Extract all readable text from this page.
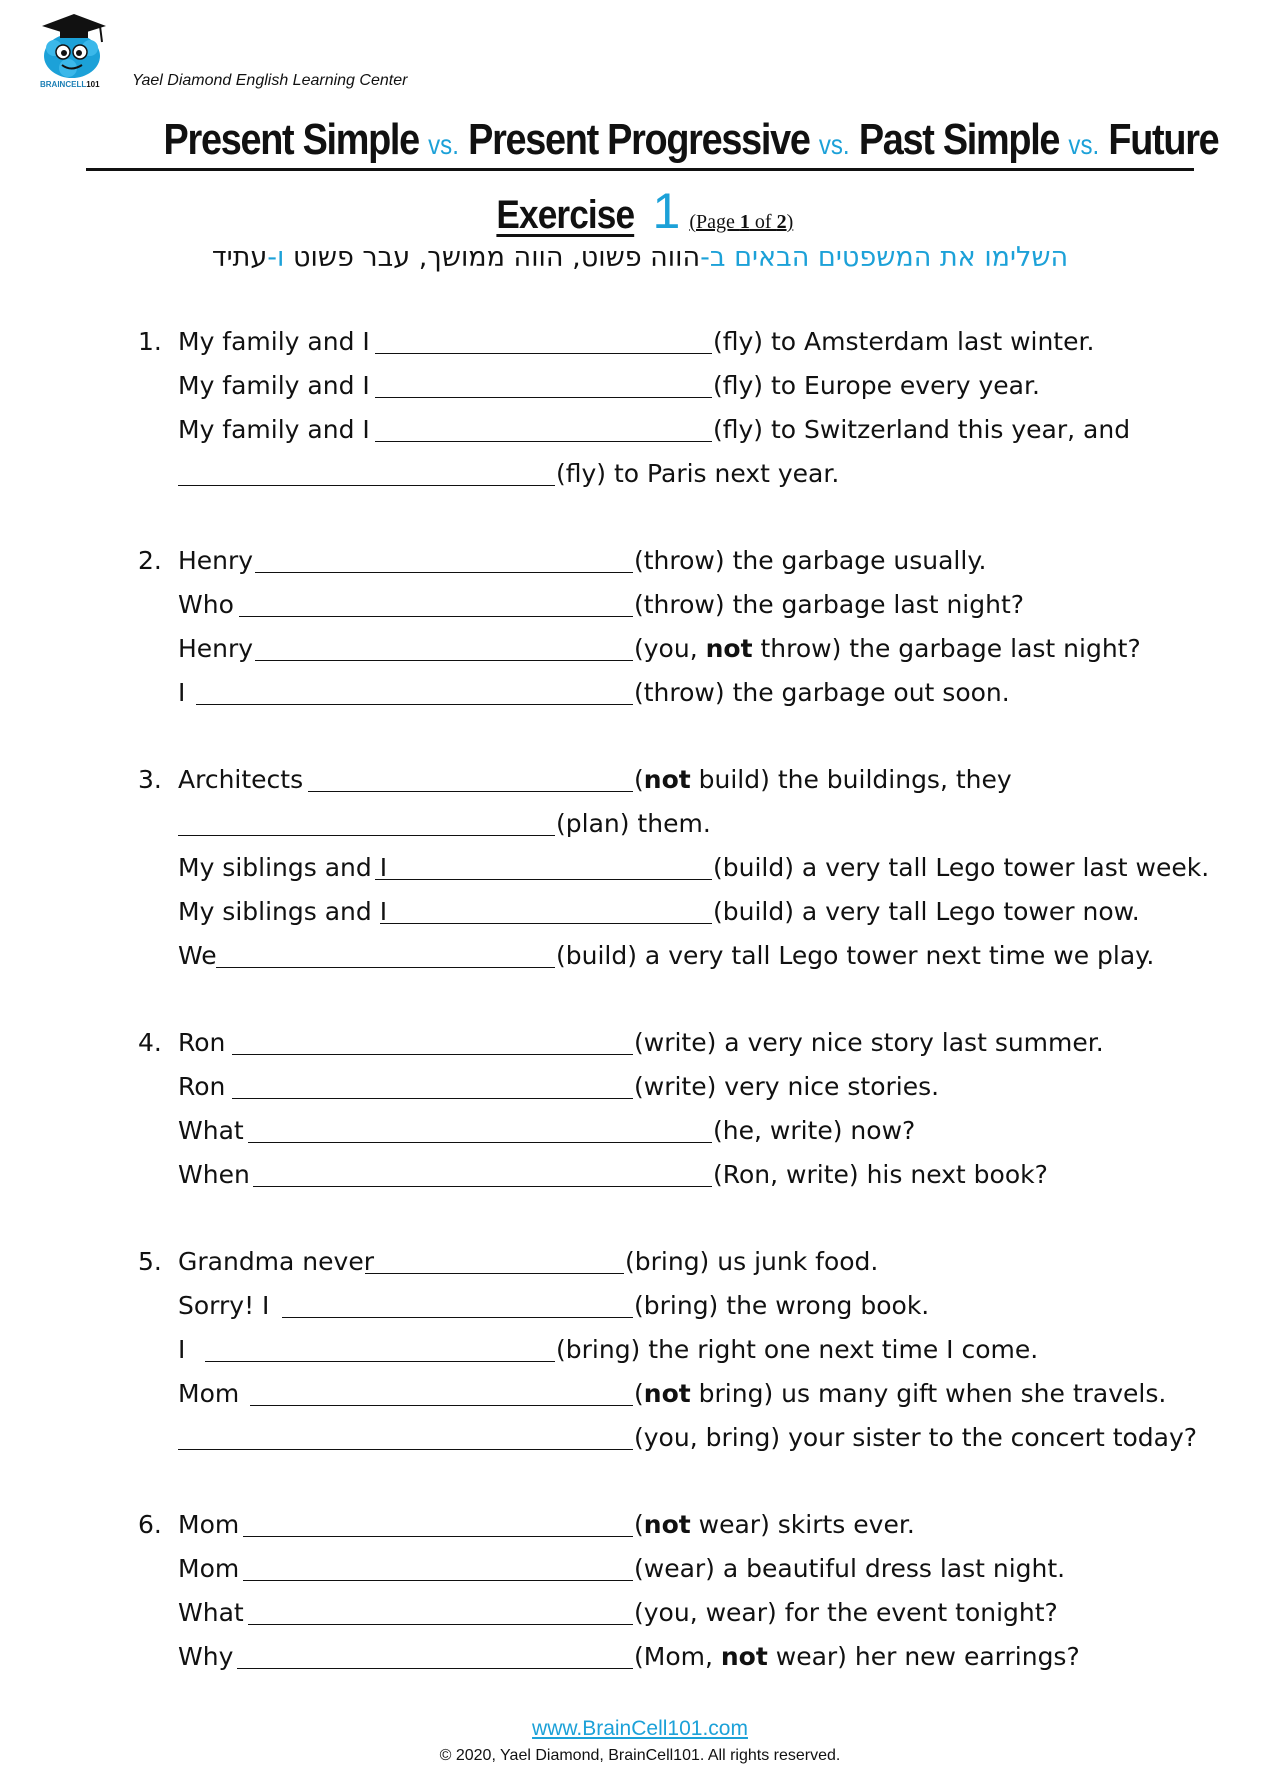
BRAINCELL101 Yael Diamond English Learning Center
Present Simple vs. Present Progressive vs. Past Simple vs. Future
Exercise 1 (Page 1 of 2)
השלימו את המשפטים הבאים ב-הווה פשוט, הווה ממושך, עבר פשוט ו-עתיד
1. My family and I	(fly) to Amsterdam last winter.
My family and I	(fly) to Europe every year.
My family and I	(fly) to Switzerland this year, and
(fly) to Paris next year.
2. Henry	(throw) the garbage usually.
Who	(throw) the garbage last night?
Henry	(you, not throw) the garbage last night?
I	(throw) the garbage out soon.
3. Architects	(not build) the buildings, they
(plan) them.
My siblings and I	(build) a very tall Lego tower last week.
My siblings and I	(build) a very tall Lego tower now.
We	(build) a very tall Lego tower next time we play.
4. Ron	(write) a very nice story last summer.
Ron	(write) very nice stories.
What	(he, write) now?
When	(Ron, write) his next book?
5. Grandma never	(bring) us junk food.
Sorry! I	(bring) the wrong book.
I	(bring) the right one next time I come.
Mom	(not bring) us many gift when she travels.
(you, bring) your sister to the concert today?
6. Mom	(not wear) skirts ever.
Mom	(wear) a beautiful dress last night.
What	(you, wear) for the event tonight?
Why	(Mom, not wear) her new earrings?
www.BrainCell101.com
© 2020, Yael Diamond, BrainCell101. All rights reserved.
